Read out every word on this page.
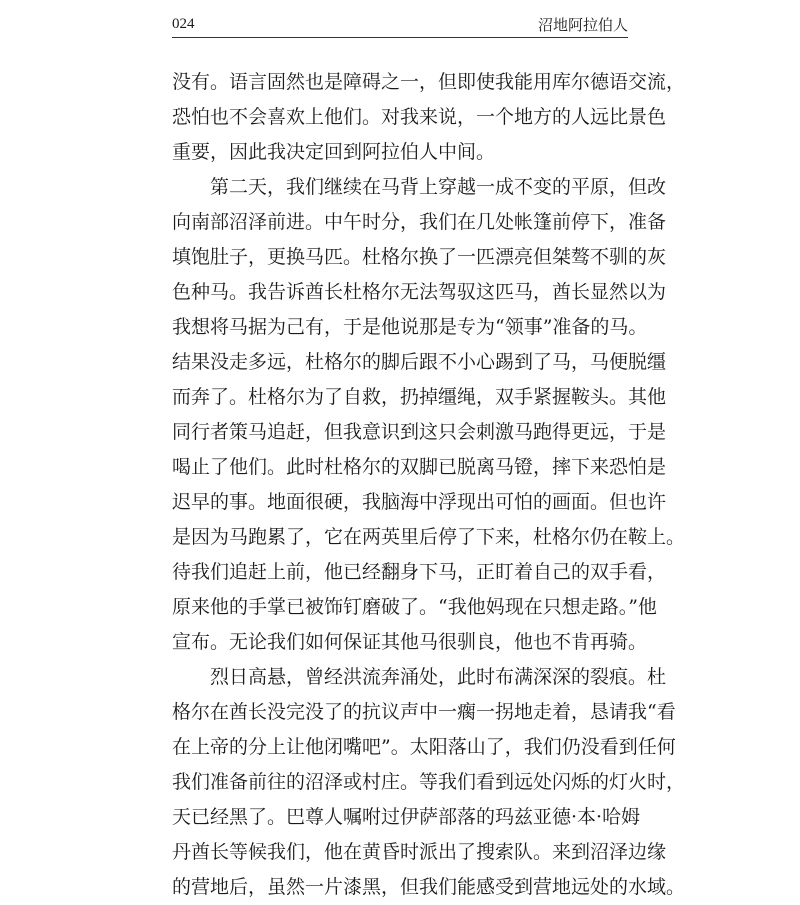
024	沼地阿拉伯人
没有。语言固然也是障碍之一，但即使我能用库尔德语交流，
恐怕也不会喜欢上他们。对我来说，一个地方的人远比景色
重要，因此我决定回到阿拉伯人中间。
第二天，我们继续在马背上穿越一成不变的平原，但改
向南部沼泽前进。中午时分，我们在几处帐篷前停下，准备
填饱肚子，更换马匹。杜格尔换了一匹漂亮但桀骜不驯的灰
色种马。我告诉酋长杜格尔无法驾驭这匹马，酋长显然以为
我想将马据为己有，于是他说那是专为“领事”准备的马。
结果没走多远，杜格尔的脚后跟不小心踢到了马，马便脱缰
而奔了。杜格尔为了自救，扔掉缰绳，双手紧握鞍头。其他
同行者策马追赶，但我意识到这只会刺激马跑得更远，于是
喝止了他们。此时杜格尔的双脚已脱离马镫，摔下来恐怕是
迟早的事。地面很硬，我脑海中浮现出可怕的画面。但也许
是因为马跑累了，它在两英里后停了下来，杜格尔仍在鞍上。
待我们追赶上前，他已经翻身下马，正盯着自己的双手看，
原来他的手掌已被饰钉磨破了。“我他妈现在只想走路。”他
宣布。无论我们如何保证其他马很驯良，他也不肯再骑。
烈日高悬，曾经洪流奔涌处，此时布满深深的裂痕。杜
格尔在酋长没完没了的抗议声中一瘸一拐地走着，恳请我“看
在上帝的分上让他闭嘴吧”。太阳落山了，我们仍没看到任何
我们准备前往的沼泽或村庄。等我们看到远处闪烁的灯火时，
天已经黑了。巴尊人嘱咐过伊萨部落的玛兹亚德·本·哈姆
丹酋长等候我们，他在黄昏时派出了搜索队。来到沼泽边缘
的营地后，虽然一片漆黑，但我们能感受到营地远处的水域。
